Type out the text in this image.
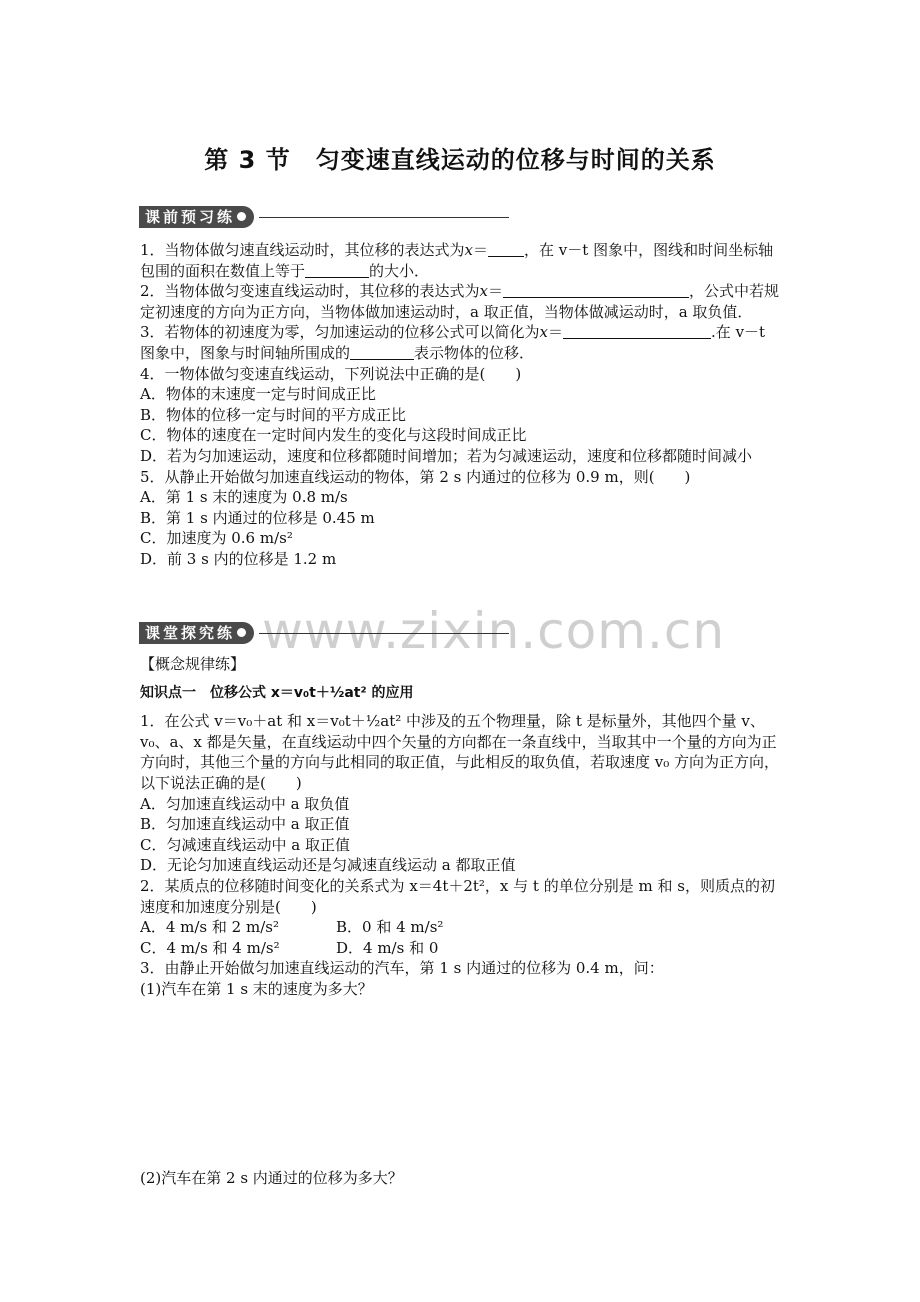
第 3 节　匀变速直线运动的位移与时间的关系
课前预习练

1．当物体做匀速直线运动时，其位移的表达式为x＝ ，在 v－t 图象中，图线和时间坐标轴包围的面积在数值上等于	的大小．

2．当物体做匀变速直线运动时，其位移的表达式为x＝	，公式中若规定初速度的方向为正方向，当物体做加速运动时，a 取正值，当物体做减运动时，a 取负值．

3．若物体的初速度为零，匀加速运动的位移公式可以简化为x＝	.在 v－t 图象中，图象与时间轴所围成的	表示物体的位移．

4．一物体做匀变速直线运动，下列说法中正确的是(　　)

A．物体的末速度一定与时间成正比

B．物体的位移一定与时间的平方成正比

C．物体的速度在一定时间内发生的变化与这段时间成正比

D．若为匀加速运动，速度和位移都随时间增加；若为匀减速运动，速度和位移都随时间减小

5．从静止开始做匀加速直线运动的物体，第 2 s 内通过的位移为 0.9 m，则(　　)

A．第 1 s 末的速度为 0.8 m/s

B．第 1 s 内通过的位移是 0.45 m

C．加速度为 0.6 m/s²

D．前 3 s 内的位移是 1.2 m

www.zixin.com.cn
课堂探究练

【概念规律练】

知识点一　位移公式 x＝v₀t＋½at² 的应用

1．在公式 v＝v₀＋at 和 x＝v₀t＋½at² 中涉及的五个物理量，除 t 是标量外，其他四个量 v、v₀、a、x 都是矢量，在直线运动中四个矢量的方向都在一条直线中，当取其中一个量的方向为正方向时，其他三个量的方向与此相同的取正值，与此相反的取负值，若取速度 v₀ 方向为正方向，以下说法正确的是(　　)

A．匀加速直线运动中 a 取负值

B．匀加速直线运动中 a 取正值

C．匀减速直线运动中 a 取正值

D．无论匀加速直线运动还是匀减速直线运动 a 都取正值

2．某质点的位移随时间变化的关系式为 x＝4t＋2t²，x 与 t 的单位分别是 m 和 s，则质点的初速度和加速度分别是(　　)

A．4 m/s 和 2 m/s²	B．0 和 4 m/s²

C．4 m/s 和 4 m/s²	D．4 m/s 和 0

3．由静止开始做匀加速直线运动的汽车，第 1 s 内通过的位移为 0.4 m，问：

(1)汽车在第 1 s 末的速度为多大？

(2)汽车在第 2 s 内通过的位移为多大？
